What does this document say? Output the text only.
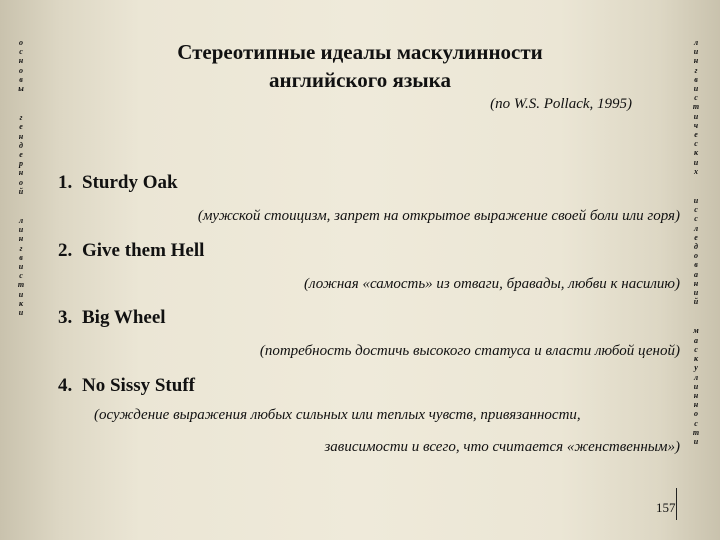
о
с
н
о
в
ы
г
е
н
д
е
р
н
о
й
л
и
н
г
в
и
с
т
и
к
и
л
и
н
г
в
и
с
т
и
ч
е
с
к
и
х
и
с
с
л
е
д
о
в
а
н
и
й
м
а
с
к
у
л
и
н
н
о
с
т
и
Стереотипные идеалы маскулинности
английского языка
(по W.S. Pollack, 1995)
1. Sturdy Oak
(мужской стоицизм, запрет на открытое выражение своей боли или горя)
2. Give them Hell
(ложная «самость» из отваги, бравады, любви к насилию)
3. Big Wheel
(потребность достичь высокого статуса и власти любой ценой)
4. No Sissy Stuff
(осуждение выражения любых сильных или теплых чувств, привязанности,
зависимости и всего, что считается «женственным»)
157
